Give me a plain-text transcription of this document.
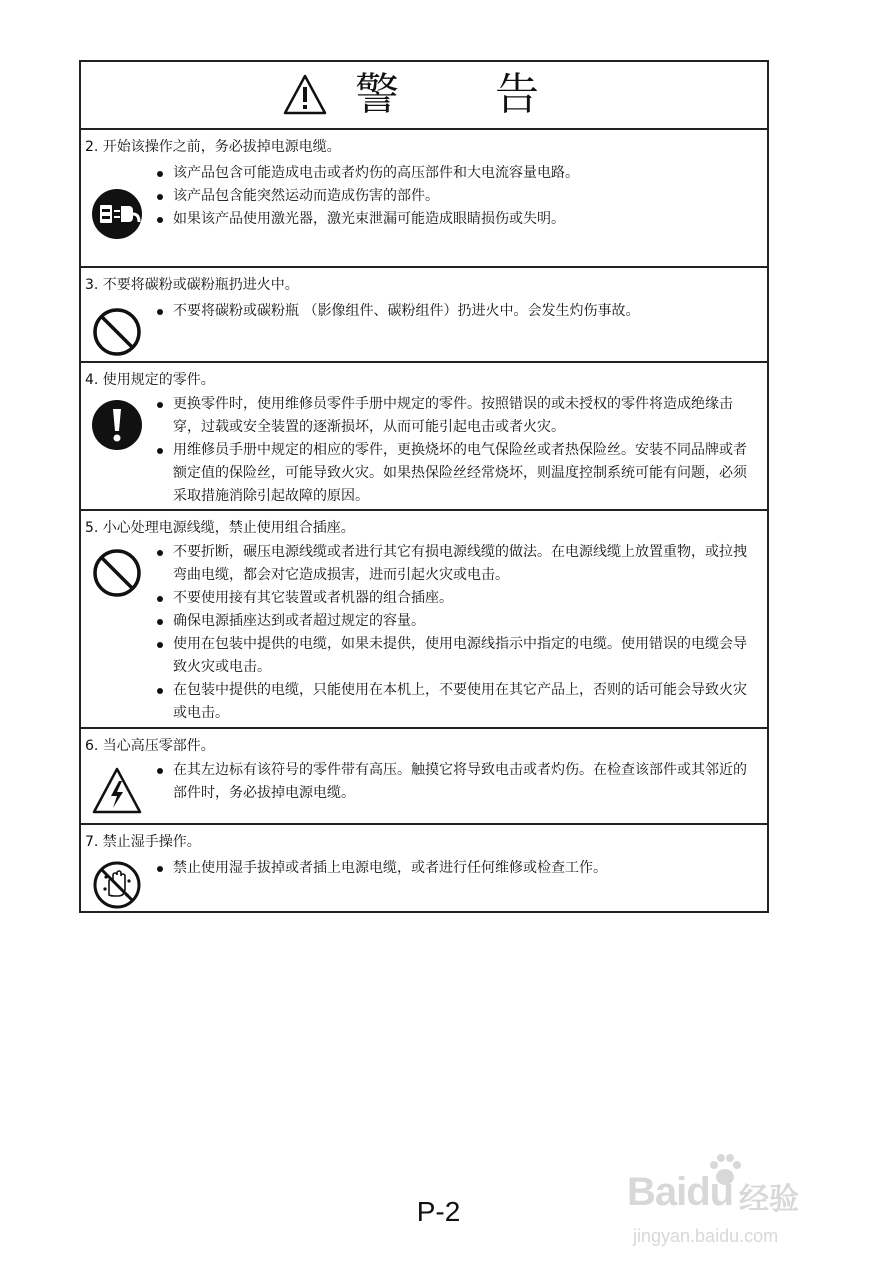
警　告
2. 开始该操作之前，务必拔掉电源电缆。
该产品包含可能造成电击或者灼伤的高压部件和大电流容量电路。
该产品包含能突然运动而造成伤害的部件。
如果该产品使用激光器，激光束泄漏可能造成眼睛损伤或失明。
3. 不要将碳粉或碳粉瓶扔进火中。
不要将碳粉或碳粉瓶 （影像组件、碳粉组件）扔进火中。会发生灼伤事故。
4. 使用规定的零件。
更换零件时，使用维修员零件手册中规定的零件。按照错误的或未授权的零件将造成绝缘击穿，过载或安全装置的逐渐损坏，从而可能引起电击或者火灾。
用维修员手册中规定的相应的零件，更换烧坏的电气保险丝或者热保险丝。安装不同品牌或者额定值的保险丝，可能导致火灾。如果热保险丝经常烧坏，则温度控制系统可能有问题，必须采取措施消除引起故障的原因。
5. 小心处理电源线缆，禁止使用组合插座。
不要折断，碾压电源线缆或者进行其它有损电源线缆的做法。在电源线缆上放置重物，或拉拽弯曲电缆，都会对它造成损害，进而引起火灾或电击。
不要使用接有其它装置或者机器的组合插座。
确保电源插座达到或者超过规定的容量。
使用在包装中提供的电缆，如果未提供，使用电源线指示中指定的电缆。使用错误的电缆会导致火灾或电击。
在包装中提供的电缆，只能使用在本机上，不要使用在其它产品上，否则的话可能会导致火灾或电击。
6. 当心高压零部件。
在其左边标有该符号的零件带有高压。触摸它将导致电击或者灼伤。在检查该部件或其邻近的部件时，务必拔掉电源电缆。
7. 禁止湿手操作。
禁止使用湿手拔掉或者插上电源电缆，或者进行任何维修或检查工作。
P-2	Baidu 经验
jingyan.baidu.com
